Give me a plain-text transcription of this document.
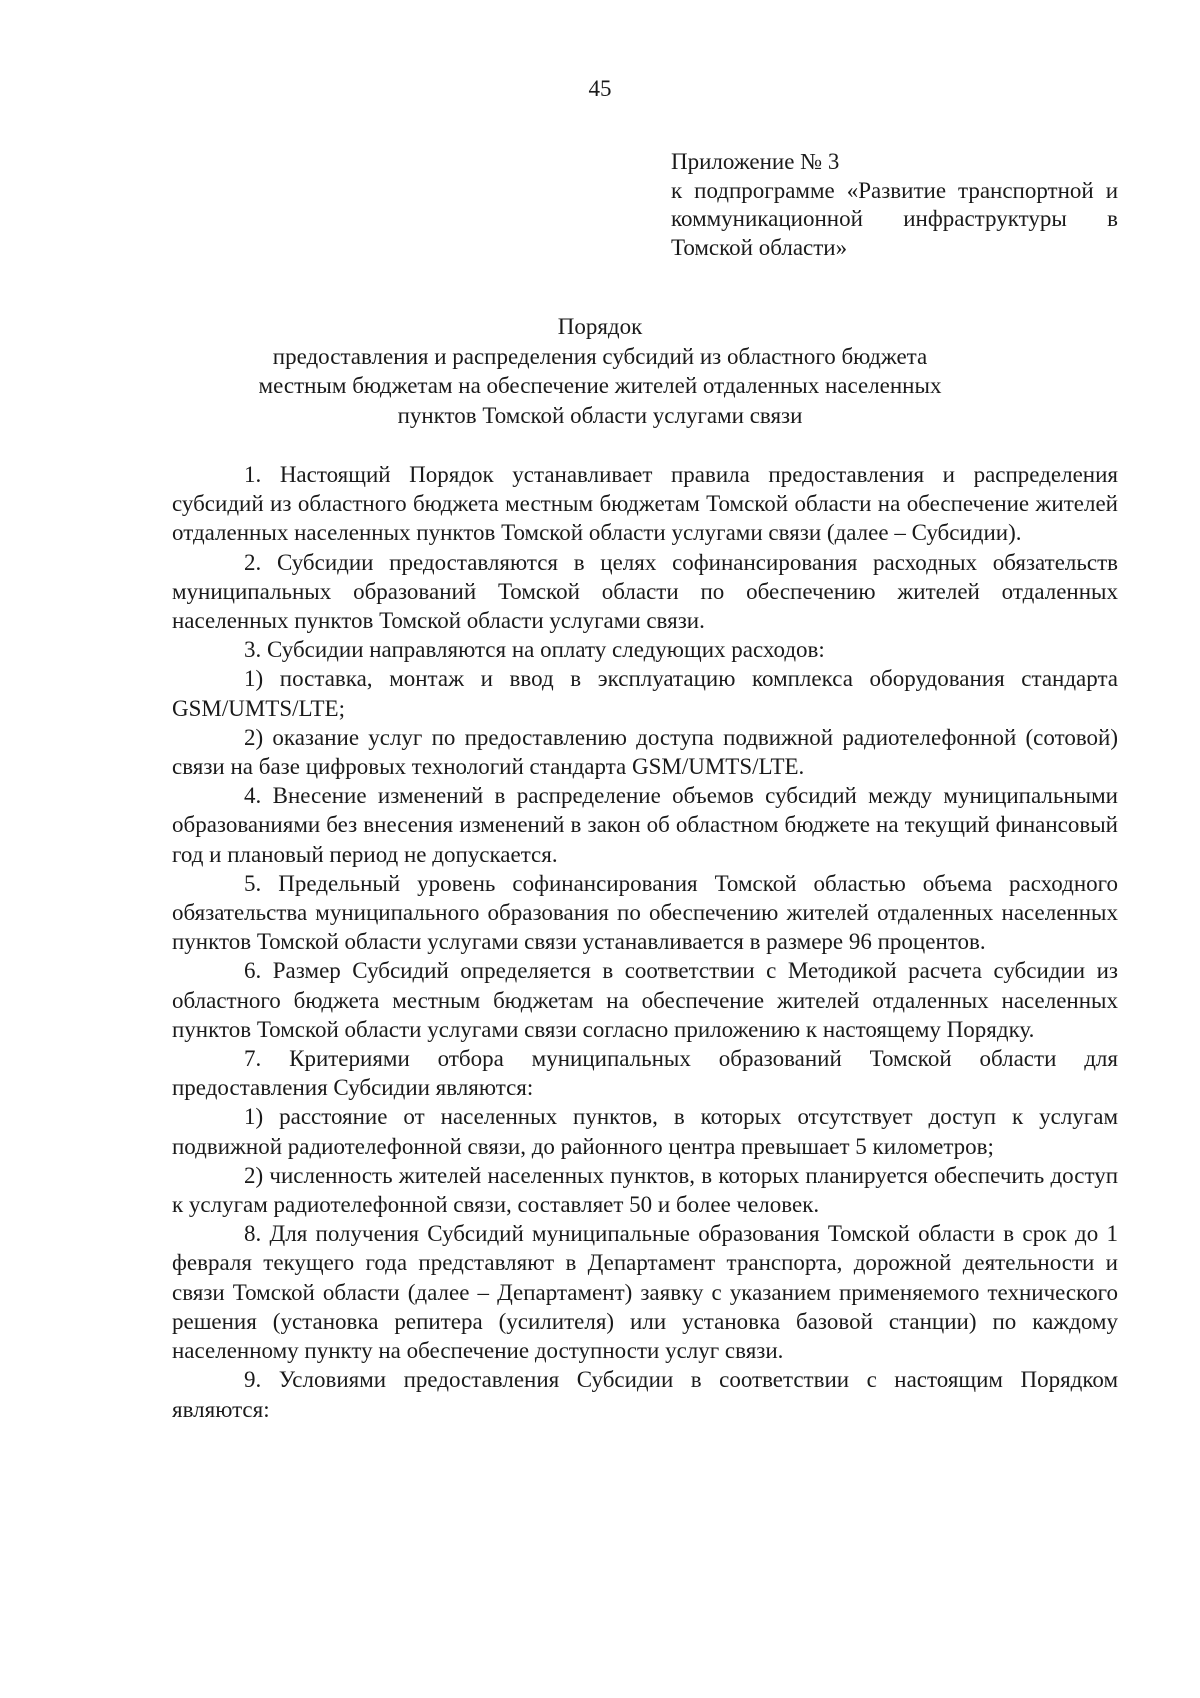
45
Приложение № 3
к подпрограмме «Развитие транспортной и коммуникационной инфраструктуры в Томской области»
Порядок
предоставления и распределения субсидий из областного бюджета местным бюджетам на обеспечение жителей отдаленных населенных пунктов Томской области услугами связи

1. Настоящий Порядок устанавливает правила предоставления и распределения субсидий из областного бюджета местным бюджетам Томской области на обеспечение жителей отдаленных населенных пунктов Томской области услугами связи (далее – Субсидии).

2. Субсидии предоставляются в целях софинансирования расходных обязательств муниципальных образований Томской области по обеспечению жителей отдаленных населенных пунктов Томской области услугами связи.

3. Субсидии направляются на оплату следующих расходов:

1) поставка, монтаж и ввод в эксплуатацию комплекса оборудования стандарта GSM/UMTS/LTE;

2) оказание услуг по предоставлению доступа подвижной радиотелефонной (сотовой) связи на базе цифровых технологий стандарта GSM/UMTS/LTE.

4. Внесение изменений в распределение объемов субсидий между муниципальными образованиями без внесения изменений в закон об областном бюджете на текущий финансовый год и плановый период не допускается.

5. Предельный уровень софинансирования Томской областью объема расходного обязательства муниципального образования по обеспечению жителей отдаленных населенных пунктов Томской области услугами связи устанавливается в размере 96 процентов.

6. Размер Субсидий определяется в соответствии с Методикой расчета субсидии из областного бюджета местным бюджетам на обеспечение жителей отдаленных населенных пунктов Томской области услугами связи согласно приложению к настоящему Порядку.

7. Критериями отбора муниципальных образований Томской области для предоставления Субсидии являются:

1) расстояние от населенных пунктов, в которых отсутствует доступ к услугам подвижной радиотелефонной связи, до районного центра превышает 5 километров;

2) численность жителей населенных пунктов, в которых планируется обеспечить доступ к услугам радиотелефонной связи, составляет 50 и более человек.

8. Для получения Субсидий муниципальные образования Томской области в срок до 1 февраля текущего года представляют в Департамент транспорта, дорожной деятельности и связи Томской области (далее – Департамент) заявку с указанием применяемого технического решения (установка репитера (усилителя) или установка базовой станции) по каждому населенному пункту на обеспечение доступности услуг связи.

9. Условиями предоставления Субсидии в соответствии с настоящим Порядком являются:
